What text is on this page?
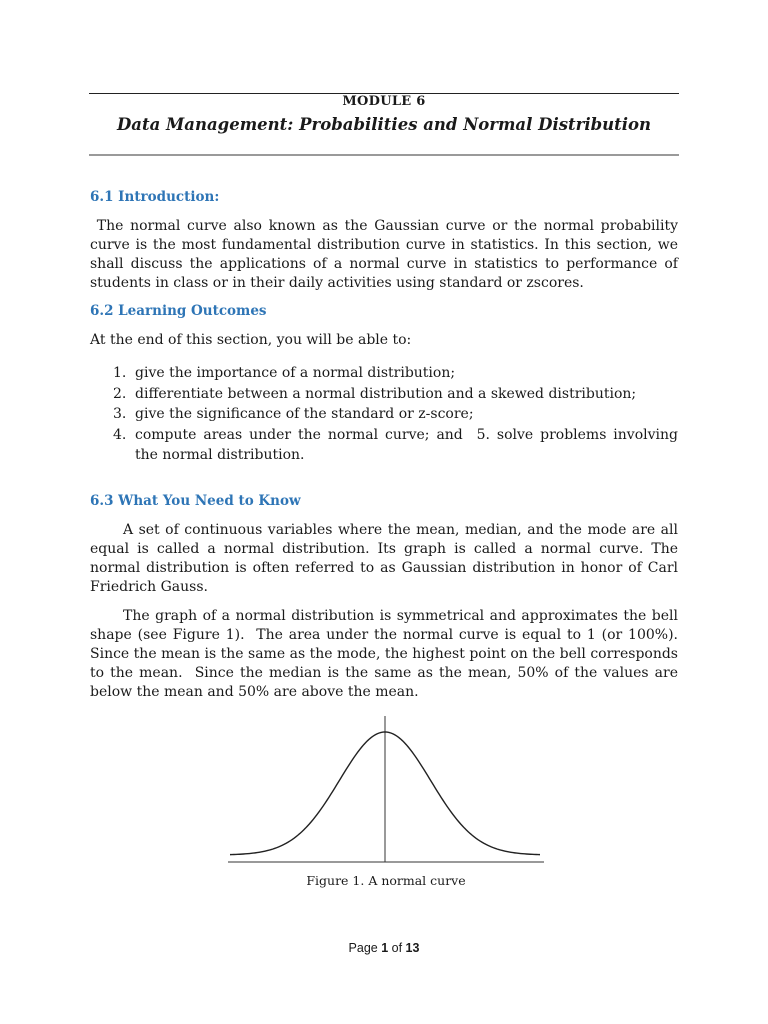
MODULE 6
Data Management: Probabilities and Normal Distribution
6.1 Introduction:

The normal curve also known as the Gaussian curve or the normal probability curve is the most fundamental distribution curve in statistics. In this section, we shall discuss the applications of a normal curve in statistics to performance of students in class or in their daily activities using standard or zscores.

6.2 Learning Outcomes

At the end of this section, you will be able to:

1. give the importance of a normal distribution;
2. differentiate between a normal distribution and a skewed distribution;
3. give the significance of the standard or z-score;
4. compute areas under the normal curve; and  5. solve problems involving the normal distribution.
6.3 What You Need to Know

A set of continuous variables where the mean, median, and the mode are all equal is called a normal distribution. Its graph is called a normal curve. The normal distribution is often referred to as Gaussian distribution in honor of Carl Friedrich Gauss.

The graph of a normal distribution is symmetrical and approximates the bell shape (see Figure 1).  The area under the normal curve is equal to 1 (or 100%). Since the mean is the same as the mode, the highest point on the bell corresponds to the mean.  Since the median is the same as the mean, 50% of the values are below the mean and 50% are above the mean.

Figure 1. A normal curve
Page 1 of 13
